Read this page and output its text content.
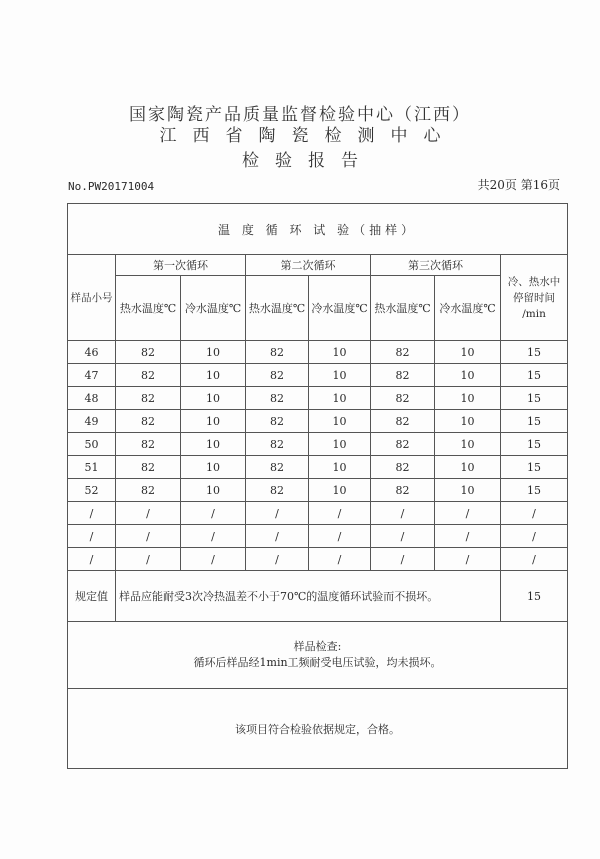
国家陶瓷产品质量监督检验中心（江西）
江西省陶瓷检测中心
检验报告
No.PW20171004	共20页 第16页
温 度 循 环 试 验（抽样）							
样品小号	第一次循环		第二次循环		第三次循环		冷、热水中
停留时间
/min

	热水温度℃	冷水温度℃	热水温度℃	冷水温度℃	热水温度℃	冷水温度℃	
46	82	10	82	10	82	10	15
47	82	10	82	10	82	10	15
48	82	10	82	10	82	10	15
49	82	10	82	10	82	10	15
50	82	10	82	10	82	10	15
51	82	10	82	10	82	10	15
52	82	10	82	10	82	10	15
/	/	/	/	/	/	/	/
/	/	/	/	/	/	/	/
/	/	/	/	/	/	/	/
规定值	样品应能耐受3次冷热温差不小于70℃的温度循环试验而不损坏。						15

样品检查:
循环后样品经1min工频耐受电压试验，均未损坏。							

该项目符合检验依据规定，合格。							
